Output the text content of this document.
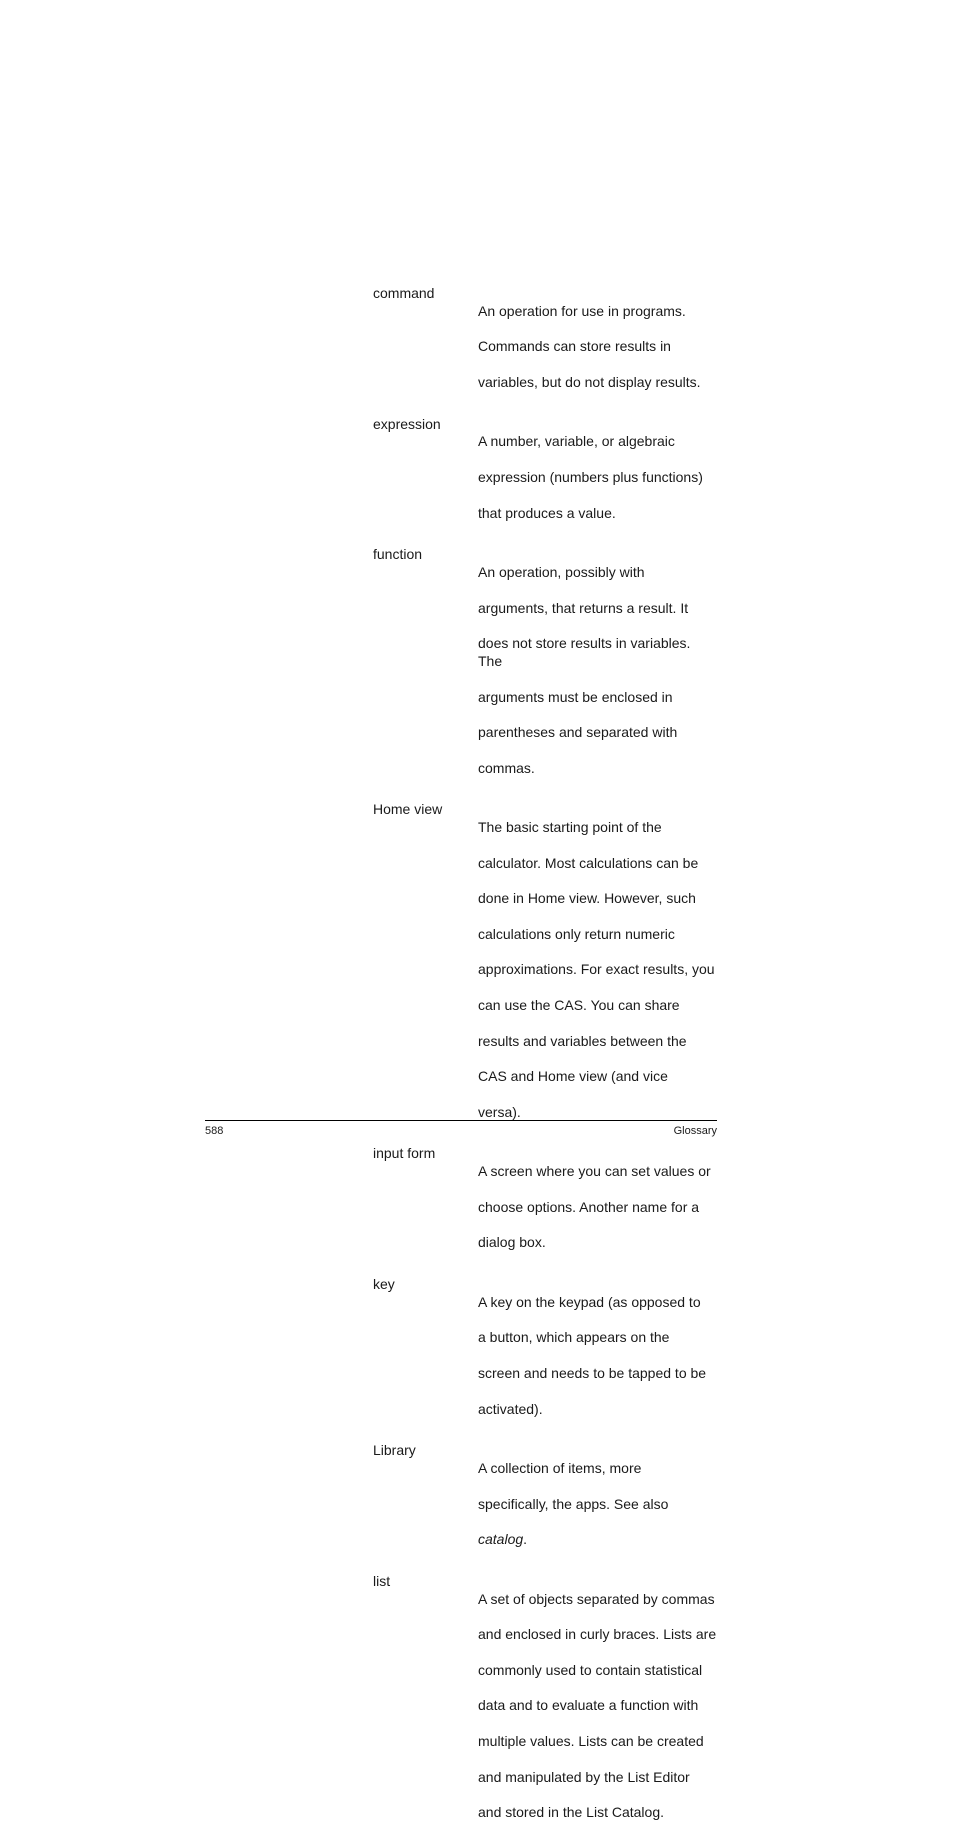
command

An operation for use in programs.

Commands can store results in

variables, but do not display results.

expression

A number, variable, or algebraic

expression (numbers plus functions)

that produces a value.

function

An operation, possibly with

arguments, that returns a result. It

does not store results in variables. The

arguments must be enclosed in

parentheses and separated with

commas.

Home view

The basic starting point of the

calculator. Most calculations can be

done in Home view. However, such

calculations only return numeric

approximations. For exact results, you

can use the CAS. You can share

results and variables between the

CAS and Home view (and vice

versa).

input form

A screen where you can set values or

choose options. Another name for a

dialog box.

key

A key on the keypad (as opposed to

a button, which appears on the

screen and needs to be tapped to be

activated).

Library

A collection of items, more

specifically, the apps. See also

catalog.

list

A set of objects separated by commas

and enclosed in curly braces. Lists are

commonly used to contain statistical

data and to evaluate a function with

multiple values. Lists can be created

and manipulated by the List Editor

and stored in the List Catalog.

588	Glossary
